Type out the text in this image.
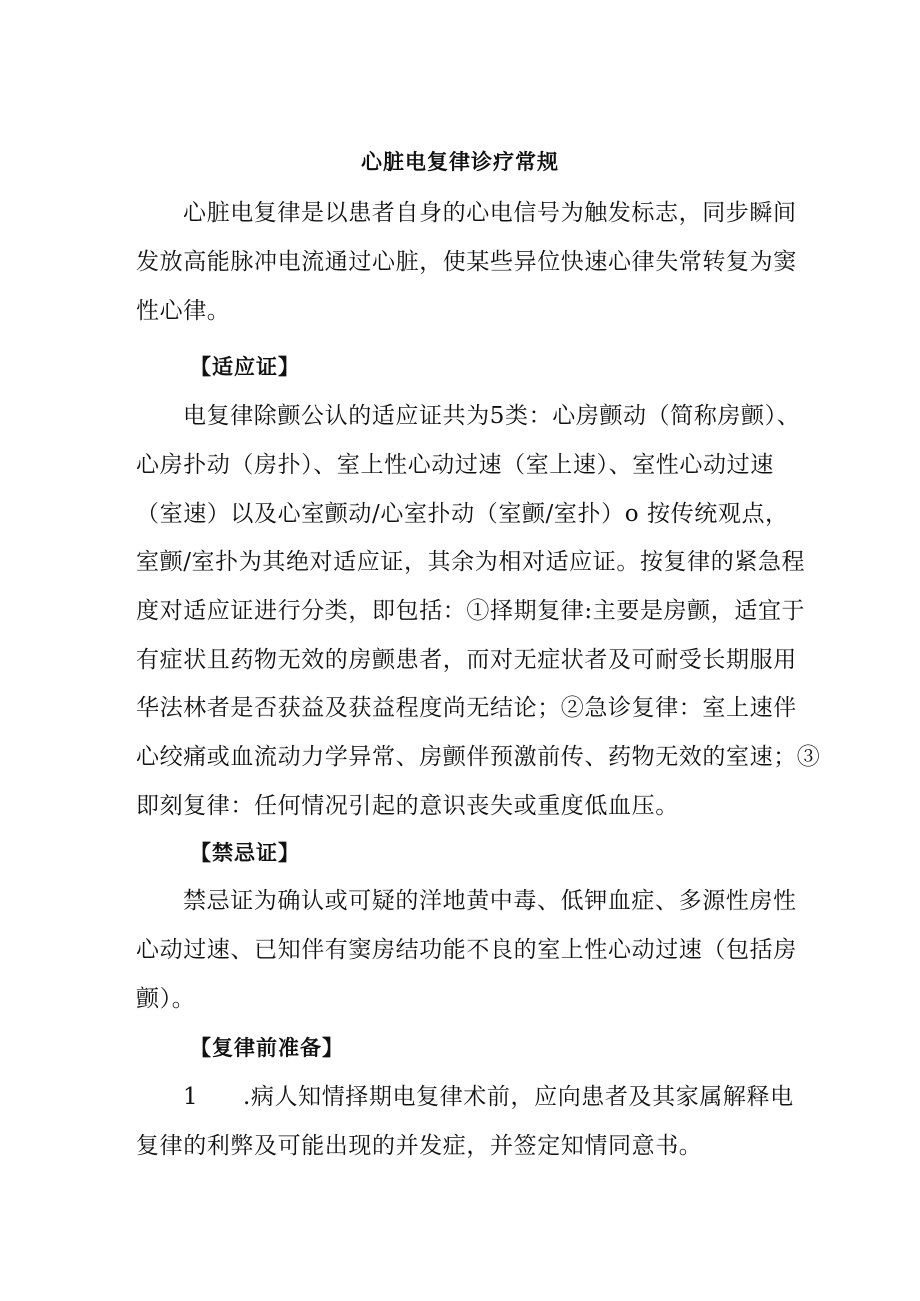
心脏电复律诊疗常规
心脏电复律是以患者自身的心电信号为触发标志，同步瞬间
发放高能脉冲电流通过心脏，使某些异位快速心律失常转复为窦
性心律。
【适应证】
电复律除颤公认的适应证共为5类：心房颤动（简称房颤）、
心房扑动（房扑）、室上性心动过速（室上速）、室性心动过速
（室速）以及心室颤动/心室扑动（室颤/室扑）o 按传统观点，
室颤/室扑为其绝对适应证，其余为相对适应证。按复律的紧急程
度对适应证进行分类，即包括：①择期复律:主要是房颤，适宜于
有症状且药物无效的房颤患者，而对无症状者及可耐受长期服用
华法林者是否获益及获益程度尚无结论；②急诊复律：室上速伴
心绞痛或血流动力学异常、房颤伴预激前传、药物无效的室速；③
即刻复律：任何情况引起的意识丧失或重度低血压。
【禁忌证】
禁忌证为确认或可疑的洋地黄中毒、低钾血症、多源性房性
心动过速、已知伴有窦房结功能不良的室上性心动过速（包括房
颤）。
【复律前准备】
1 .病人知情择期电复律术前，应向患者及其家属解释电
复律的利弊及可能出现的并发症，并签定知情同意书。
